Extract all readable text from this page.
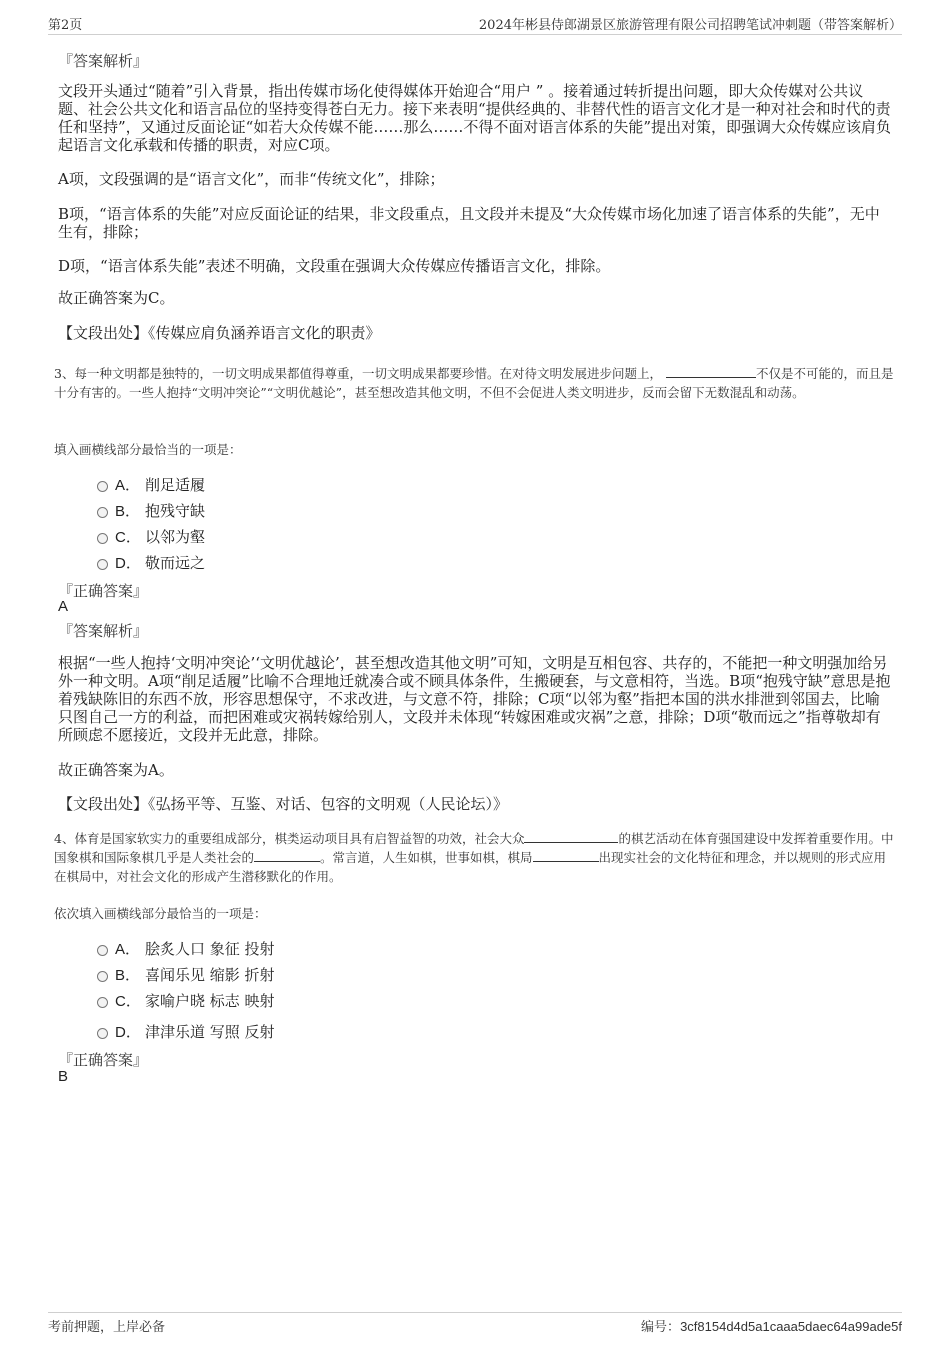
第2页	2024年彬县侍郎湖景区旅游管理有限公司招聘笔试冲刺题（带答案解析）
『答案解析』

文段开头通过“随着”引入背景，指出传媒市场化使得媒体开始迎合“用户 ” 。接着通过转折提出问题，即大众传媒对公共议题、社会公共文化和语言品位的坚持变得苍白无力。接下来表明“提供经典的、非替代性的语言文化才是一种对社会和时代的责任和坚持”，又通过反面论证“如若大众传媒不能……那么……不得不面对语言体系的失能”提出对策，即强调大众传媒应该肩负起语言文化承载和传播的职责，对应C项。

A项，文段强调的是“语言文化”，而非“传统文化”，排除；
B项，“语言体系的失能”对应反面论证的结果，非文段重点，且文段并未提及“大众传媒市场化加速了语言体系的失能”，无中生有，排除；
D项，“语言体系失能”表述不明确，文段重在强调大众传媒应传播语言文化，排除。
故正确答案为C。
【文段出处】《传媒应肩负涵养语言文化的职责》
3、每一种文明都是独特的，一切文明成果都值得尊重，一切文明成果都要珍惜。在对待文明发展进步问题上，	不仅是不可能的，而且是十分有害的。一些人抱持“文明冲突论”“文明优越论”，甚至想改造其他文明，不但不会促进人类文明进步，反而会留下无数混乱和动荡。
填入画横线部分最恰当的一项是：
A． 削足适履
B． 抱残守缺
C． 以邻为壑
D． 敬而远之
『正确答案』
A
『答案解析』
根据“一些人抱持‘文明冲突论’‘文明优越论’，甚至想改造其他文明”可知，文明是互相包容、共存的，不能把一种文明强加给另外一种文明。A项“削足适履”比喻不合理地迁就凑合或不顾具体条件，生搬硬套，与文意相符，当选。B项“抱残守缺”意思是抱着残缺陈旧的东西不放，形容思想保守，不求改进，与文意不符，排除；C项“以邻为壑”指把本国的洪水排泄到邻国去，比喻只图自己一方的利益，而把困难或灾祸转嫁给别人，文段并未体现“转嫁困难或灾祸”之意，排除；D项“敬而远之”指尊敬却有所顾虑不愿接近，文段并无此意，排除。
故正确答案为A。
【文段出处】《弘扬平等、互鉴、对话、包容的文明观（人民论坛）》
4、体育是国家软实力的重要组成部分，棋类运动项目具有启智益智的功效，社会大众	的棋艺活动在体育强国建设中发挥着重要作用。中国象棋和国际象棋几乎是人类社会的	。常言道，人生如棋，世事如棋，棋局	出现实社会的文化特征和理念，并以规则的形式应用在棋局中，对社会文化的形成产生潜移默化的作用。
依次填入画横线部分最恰当的一项是：
A． 脍炙人口 象征 投射
B． 喜闻乐见 缩影 折射
C． 家喻户晓 标志 映射
D． 津津乐道 写照 反射
『正确答案』
B
考前押题，上岸必备	编号：3cf8154d4d5a1caaa5daec64a99ade5f
